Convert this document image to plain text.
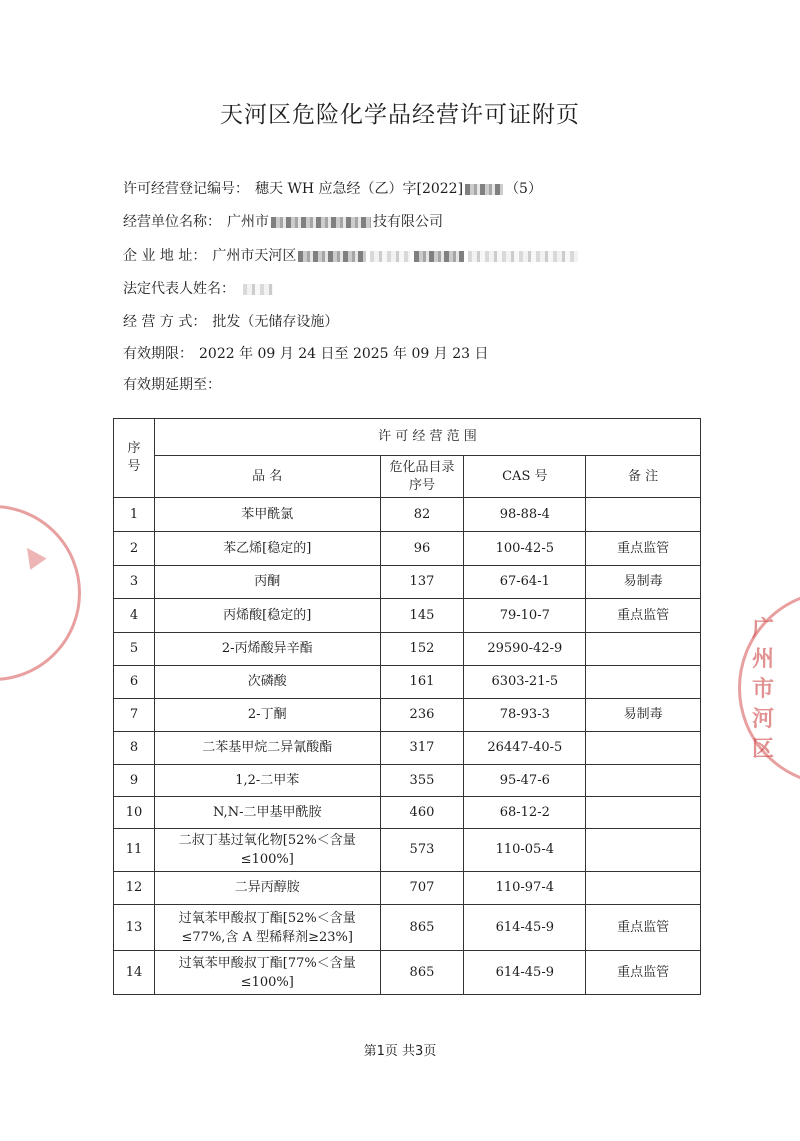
▲
广州市河区
天河区危险化学品经营许可证附页
许可经营登记编号： 穗天 WH 应急经（乙）字[2022]	（5）
经营单位名称： 广州市	技有限公司
企 业 地 址： 广州市天河区
法定代表人姓名：
经 营 方 式： 批发（无储存设施）
有效期限： 2022 年 09 月 24 日至 2025 年 09 月 23 日
有效期延期至：
序号	许 可 经 营 范 围			
	品 名	危化品目录序号	CAS 号	备 注
1	苯甲酰氯	82	98-88-4	
2	苯乙烯[稳定的]	96	100-42-5	重点监管
3	丙酮	137	67-64-1	易制毒
4	丙烯酸[稳定的]	145	79-10-7	重点监管
5	2-丙烯酸异辛酯	152	29590-42-9	
6	次磷酸	161	6303-21-5	
7	2-丁酮	236	78-93-3	易制毒
8	二苯基甲烷二异氰酸酯	317	26447-40-5	
9	1,2-二甲苯	355	95-47-6	
10	N,N-二甲基甲酰胺	460	68-12-2	
11	二叔丁基过氧化物[52%＜含量≤100%]	573	110-05-4	
12	二异丙醇胺	707	110-97-4	
13	过氧苯甲酸叔丁酯[52%＜含量≤77%,含 A 型稀释剂≥23%]	865	614-45-9	重点监管
14	过氧苯甲酸叔丁酯[77%＜含量≤100%]	865	614-45-9	重点监管
第1页 共3页
